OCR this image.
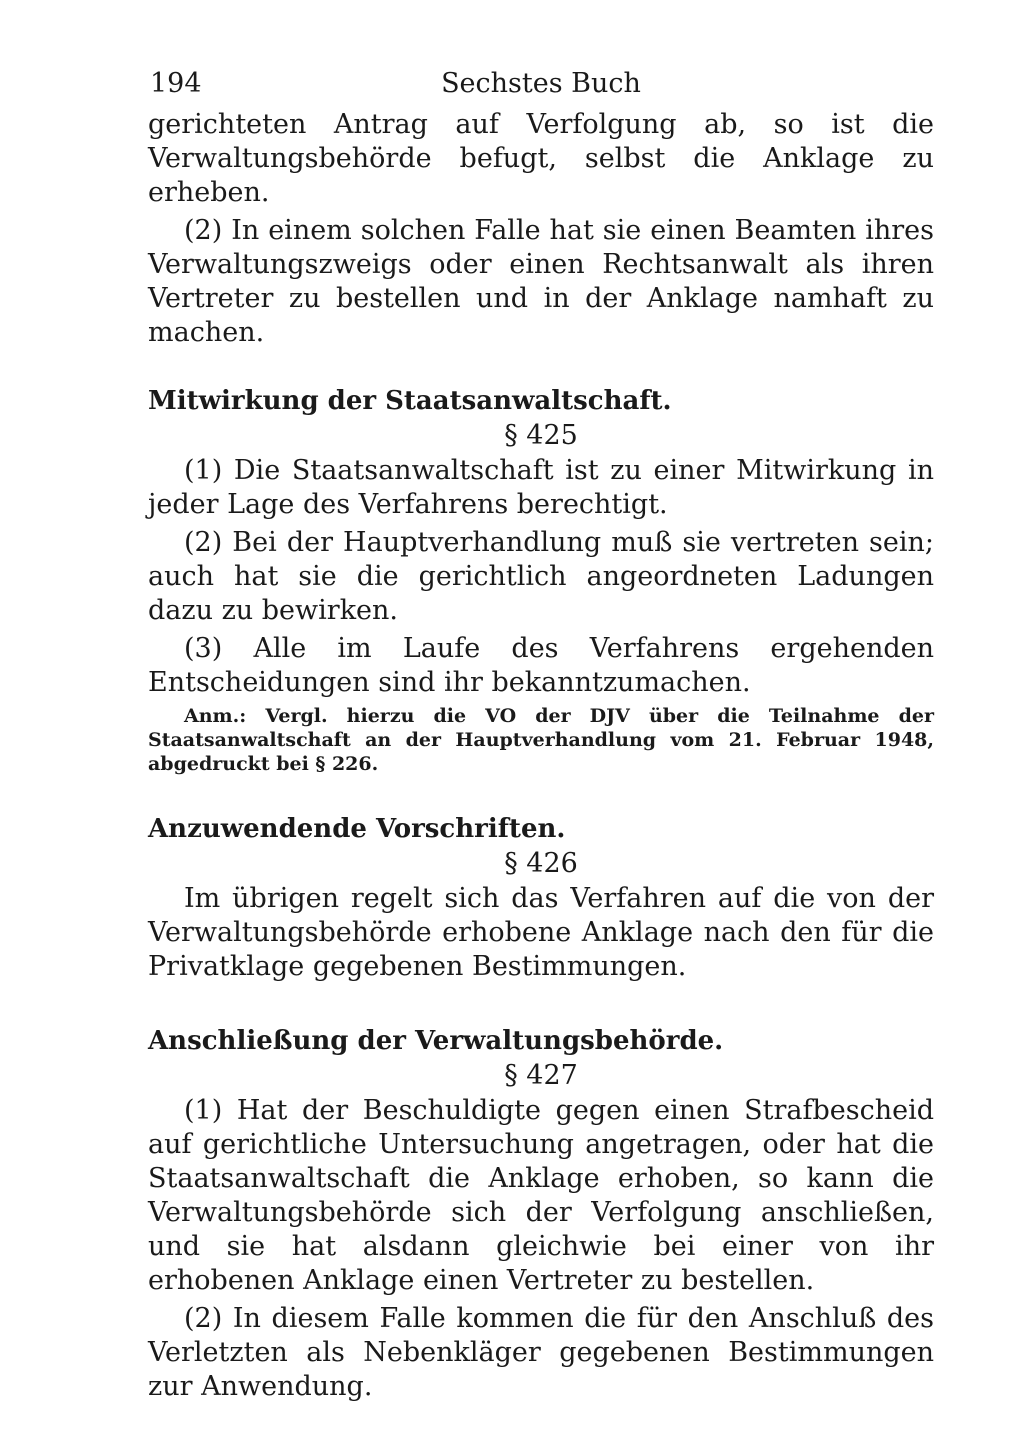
194	Sechstes Buch

gerichteten Antrag auf Verfolgung ab, so ist die Verwaltungsbehörde befugt, selbst die Anklage zu erheben.

(2) In einem solchen Falle hat sie einen Beamten ihres Verwaltungszweigs oder einen Rechtsanwalt als ihren Vertreter zu bestellen und in der Anklage namhaft zu machen.

Mitwirkung der Staatsanwaltschaft.
§ 425

(1) Die Staatsanwaltschaft ist zu einer Mitwirkung in jeder Lage des Verfahrens berechtigt.

(2) Bei der Hauptverhandlung muß sie vertreten sein; auch hat sie die gerichtlich angeordneten Ladungen dazu zu bewirken.

(3) Alle im Laufe des Verfahrens ergehenden Entscheidungen sind ihr bekanntzumachen.

Anm.: Vergl. hierzu die VO der DJV über die Teilnahme der Staatsanwaltschaft an der Hauptverhandlung vom 21. Februar 1948, abgedruckt bei § 226.

Anzuwendende Vorschriften.
§ 426

Im übrigen regelt sich das Verfahren auf die von der Verwaltungsbehörde erhobene Anklage nach den für die Privatklage gegebenen Bestimmungen.

Anschließung der Verwaltungsbehörde.
§ 427

(1) Hat der Beschuldigte gegen einen Strafbescheid auf gerichtliche Untersuchung angetragen, oder hat die Staatsanwaltschaft die Anklage erhoben, so kann die Verwaltungsbehörde sich der Verfolgung anschließen, und sie hat alsdann gleichwie bei einer von ihr erhobenen Anklage einen Vertreter zu bestellen.

(2) In diesem Falle kommen die für den Anschluß des Verletzten als Nebenkläger gegebenen Bestimmungen zur Anwendung.
